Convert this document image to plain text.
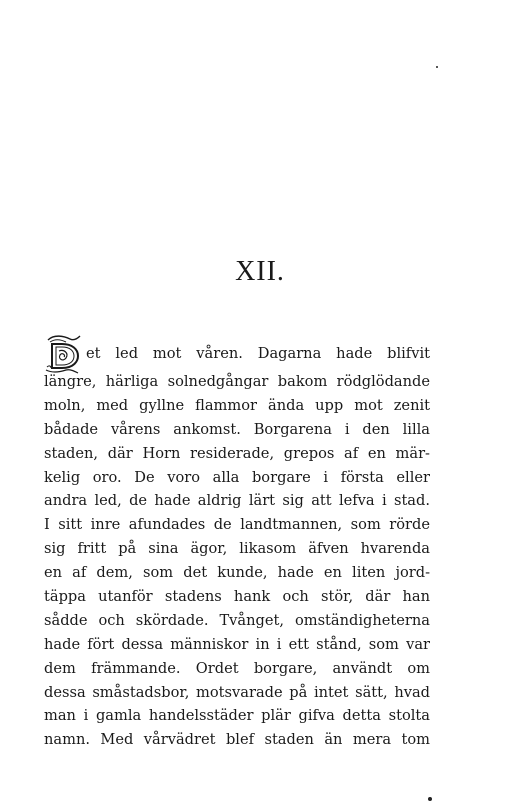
XII.
et led mot våren. Dagarna hade blifvit
längre, härliga solnedgångar bakom rödglödande
moln, med gyllne flammor ända upp mot zenit
bådade vårens ankomst. Borgarena i den lilla
staden, där Horn residerade, grepos af en mär-
kelig oro. De voro alla borgare i första eller
andra led, de hade aldrig lärt sig att lefva i stad.
I sitt inre afundades de landtmannen, som rörde
sig fritt på sina ägor, likasom äfven hvarenda
en af dem, som det kunde, hade en liten jord-
täppa utanför stadens hank och stör, där han
sådde och skördade. Tvånget, omständigheterna
hade fört dessa människor in i ett stånd, som var
dem främmande. Ordet borgare, användt om
dessa småstadsbor, motsvarade på intet sätt, hvad
man i gamla handelsstäder plär gifva detta stolta
namn. Med vårvädret blef staden än mera tom
